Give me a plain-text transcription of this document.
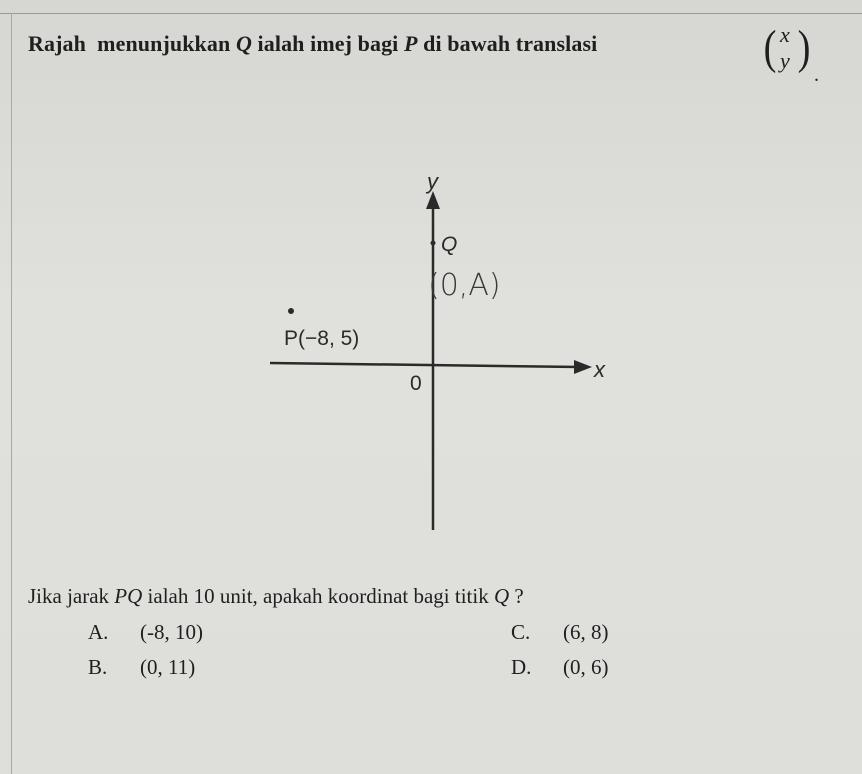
Rajah menunjukkan Q ialah imej bagi P di bawah translasi	( x
y )
.
y
x
0
Q
(0,A)
P(−8, 5)
Jika jarak PQ ialah 10 unit, apakah koordinat bagi titik Q ?
A. (-8, 10)	C. (6, 8)
B. (0, 11)	D. (0, 6)
